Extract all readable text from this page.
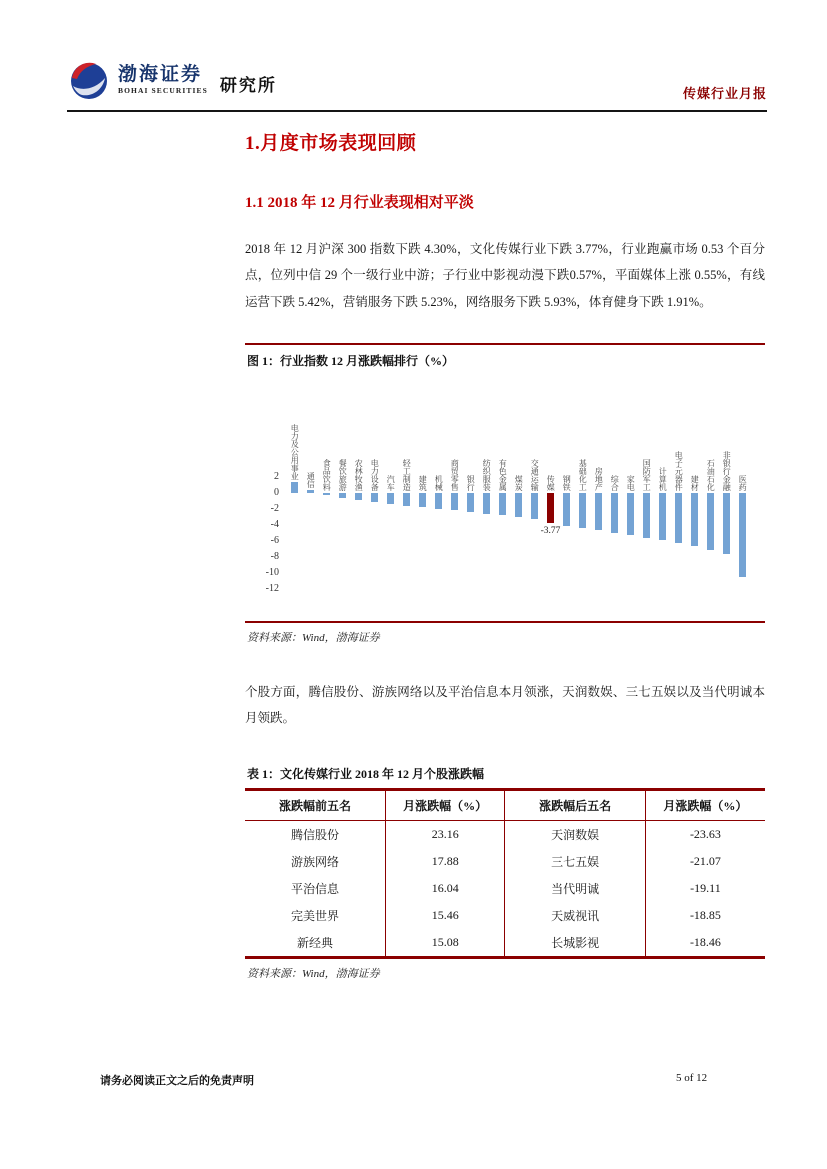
渤海证券
BOHAI SECURITIES 研究所	传媒行业月报
1.月度市场表现回顾
1.1 2018 年 12 月行业表现相对平淡

2018 年 12 月沪深 300 指数下跌 4.30%，文化传媒行业下跌 3.77%，行业跑赢市场 0.53 个百分点，位列中信 29 个一级行业中游；子行业中影视动漫下跌0.57%，平面媒体上涨 0.55%，有线运营下跌 5.42%，营销服务下跌 5.23%，网络服务下跌 5.93%，体育健身下跌 1.91%。

图 1：行业指数 12 月涨跌幅排行（%）
2
0
-2
-4
-6
-8
-10
-12
电力及公用事业 通信 食品饮料 餐饮旅游 农林牧渔 电力设备 汽车 轻工制造 建筑 机械 商贸零售 银行 纺织服装 有色金属 煤炭 交通运输 传媒
-3.77
钢铁 基础化工 房地产 综合 家电 国防军工 计算机 电子元器件 建材 石油石化 非银行金融 医药
资料来源：Wind，渤海证券

个股方面，腾信股份、游族网络以及平治信息本月领涨，天润数娱、三七五娱以及当代明诚本月领跌。

表 1：文化传媒行业 2018 年 12 月个股涨跌幅
涨跌幅前五名	月涨跌幅（%）	涨跌幅后五名	月涨跌幅（%）
腾信股份	23.16	天润数娱	-23.63
游族网络	17.88	三七五娱	-21.07
平治信息	16.04	当代明诚	-19.11
完美世界	15.46	天威视讯	-18.85
新经典	15.08	长城影视	-18.46
资料来源：Wind，渤海证券
请务必阅读正文之后的免责声明	5 of 12
